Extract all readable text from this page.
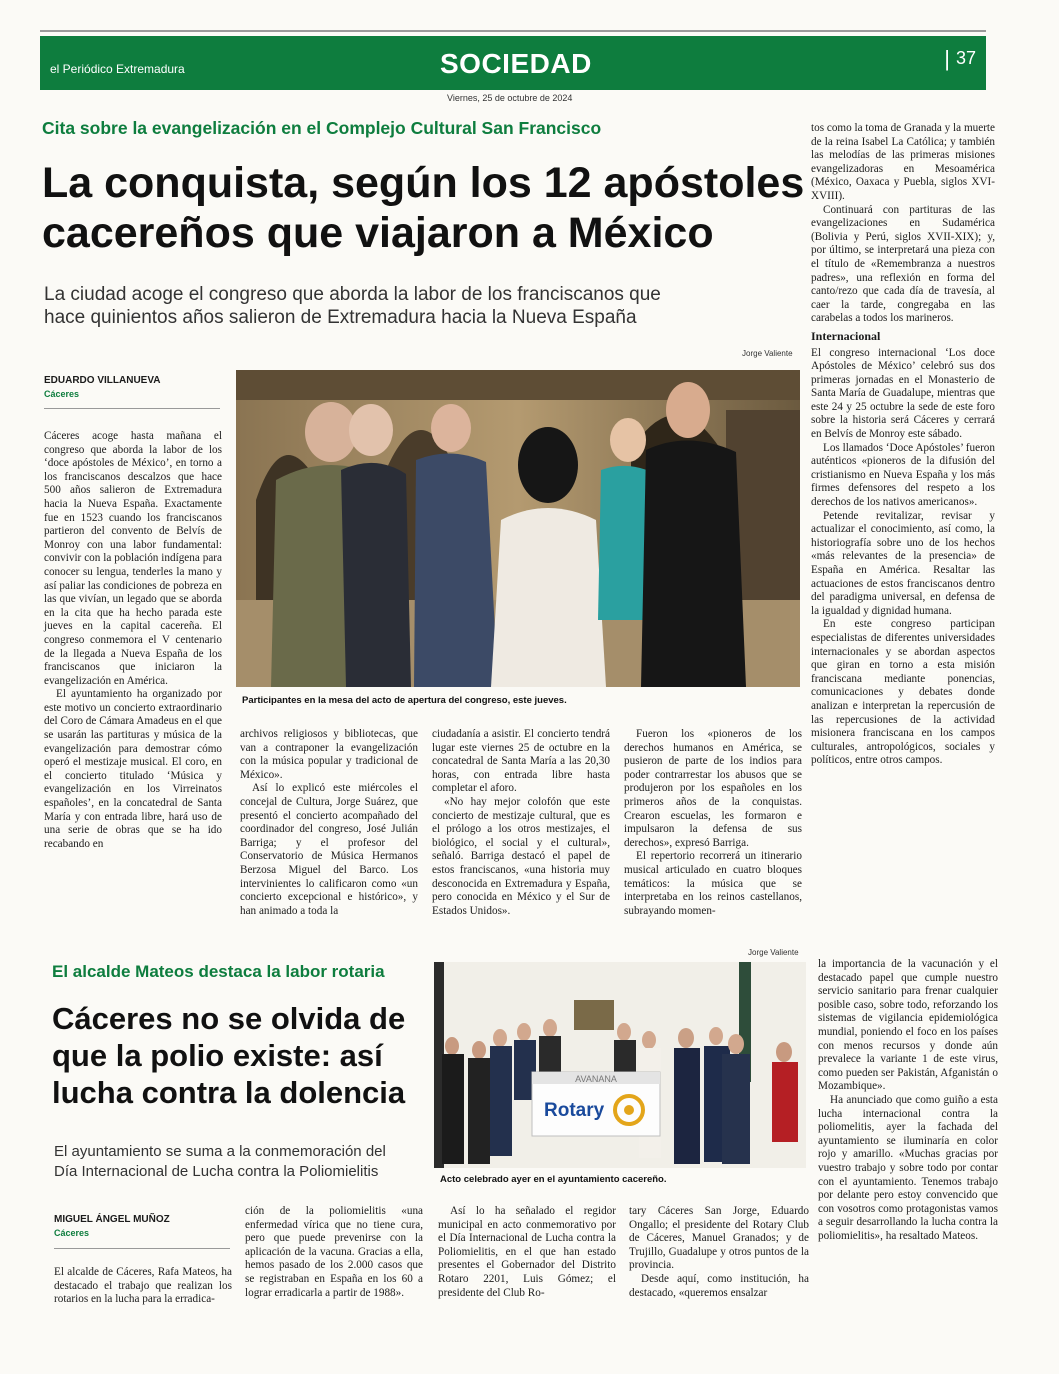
el Periódico Extremadura	SOCIEDAD	| 37
Viernes, 25 de octubre de 2024
Cita sobre la evangelización en el Complejo Cultural San Francisco
La conquista, según los 12 apóstoles
cacereños que viajaron a México
La ciudad acoge el congreso que aborda la labor de los franciscanos que
hace quinientos años salieron de Extremadura hacia la Nueva España
EDUARDO VILLANUEVA
Cáceres
Jorge Valiente
Participantes en la mesa del acto de apertura del congreso, este jueves.

Cáceres acoge hasta mañana el congreso que aborda la labor de los ‘doce apóstoles de México’, en torno a los franciscanos descalzos que hace 500 años salieron de Extremadura hacia la Nueva España. Exactamente fue en 1523 cuando los franciscanos partieron del convento de Belvís de Monroy con una labor fundamental: convivir con la población indígena para conocer su lengua, tenderles la mano y así paliar las condiciones de pobreza en las que vivían, un legado que se aborda en la cita que ha hecho parada este jueves en la capital cacereña. El congreso conmemora el V centenario de la llegada a Nueva España de los franciscanos que iniciaron la evangelización en América.

El ayuntamiento ha organizado por este motivo un concierto extraordinario del Coro de Cámara Amadeus en el que se usarán las partituras y música de la evangelización para demostrar cómo operó el mestizaje musical. El coro, en el concierto titulado ‘Música y evangelización en los Virreinatos españoles’, en la concatedral de Santa María y con entrada libre, hará uso de una serie de obras que se ha ido recabando en

archivos religiosos y bibliotecas, que van a contraponer la evangelización con la música popular y tradicional de México».

Así lo explicó este miércoles el concejal de Cultura, Jorge Suárez, que presentó el concierto acompañado del coordinador del congreso, José Julián Barriga; y el profesor del Conservatorio de Música Hermanos Berzosa Miguel del Barco. Los intervinientes lo calificaron como «un concierto excepcional e histórico», y han animado a toda la

ciudadanía a asistir. El concierto tendrá lugar este viernes 25 de octubre en la concatedral de Santa María a las 20,30 horas, con entrada libre hasta completar el aforo.

«No hay mejor colofón que este concierto de mestizaje cultural, que es el prólogo a los otros mestizajes, el biológico, el social y el cultural», señaló. Barriga destacó el papel de estos franciscanos, «una historia muy desconocida en Extremadura y España, pero conocida en México y el Sur de Estados Unidos».

Fueron los «pioneros de los derechos humanos en América, se pusieron de parte de los indios para poder contrarrestar los abusos que se produjeron por los españoles en los primeros años de la conquistas. Crearon escuelas, les formaron e impulsaron la defensa de sus derechos», expresó Barriga.

El repertorio recorrerá un itinerario musical articulado en cuatro bloques temáticos: la música que se interpretaba en los reinos castellanos, subrayando momen-

tos como la toma de Granada y la muerte de la reina Isabel La Católica; y también las melodías de las primeras misiones evangelizadoras en Mesoamérica (México, Oaxaca y Puebla, siglos XVI-XVIII).

Continuará con partituras de las evangelizaciones en Sudamérica (Bolivia y Perú, siglos XVII-XIX); y, por último, se interpretará una pieza con el título de «Remembranza a nuestros padres», una reflexión en forma del canto/rezo que cada día de travesía, al caer la tarde, congregaba en las carabelas a todos los marineros.

Internacional

El congreso internacional ‘Los doce Apóstoles de México’ celebró sus dos primeras jornadas en el Monasterio de Santa María de Guadalupe, mientras que este 24 y 25 octubre la sede de este foro sobre la historia será Cáceres y cerrará en Belvís de Monroy este sábado.

Los llamados ‘Doce Apóstoles’ fueron auténticos «pioneros de la difusión del cristianismo en Nueva España y los más firmes defensores del respeto a los derechos de los nativos americanos».

Petende revitalizar, revisar y actualizar el conocimiento, así como, la historiografía sobre uno de los hechos «más relevantes de la presencia» de España en América. Resaltar las actuaciones de estos franciscanos dentro del paradigma universal, en defensa de la igualdad y dignidad humana.

En este congreso participan especialistas de diferentes universidades internacionales y se abordan aspectos que giran en torno a esta misión franciscana mediante ponencias, comunicaciones y debates donde analizan e interpretan la repercusión de las repercusiones de la actividad misionera franciscana en los campos culturales, antropológicos, sociales y políticos, entre otros campos.

El alcalde Mateos destaca la labor rotaria
Cáceres no se olvida de
que la polio existe: así
lucha contra la dolencia
El ayuntamiento se suma a la conmemoración del
Día Internacional de Lucha contra la Poliomielitis
MIGUEL ÁNGEL MUÑOZ
Cáceres
Jorge Valiente
AVANANA
Rotary
Acto celebrado ayer en el ayuntamiento cacereño.

El alcalde de Cáceres, Rafa Mateos, ha destacado el trabajo que realizan los rotarios en la lucha para la erradica-

ción de la poliomielitis «una enfermedad vírica que no tiene cura, pero que puede prevenirse con la aplicación de la vacuna. Gracias a ella, hemos pasado de los 2.000 casos que se registraban en España en los 60 a lograr erradicarla a partir de 1988».

Así lo ha señalado el regidor municipal en acto conmemorativo por el Día Internacional de Lucha contra la Poliomielitis, en el que han estado presentes el Gobernador del Distrito Rotaro 2201, Luis Gómez; el presidente del Club Ro-

tary Cáceres San Jorge, Eduardo Ongallo; el presidente del Rotary Club de Cáceres, Manuel Granados; y de Trujillo, Guadalupe y otros puntos de la provincia.

Desde aquí, como institución, ha destacado, «queremos ensalzar

la importancia de la vacunación y el destacado papel que cumple nuestro servicio sanitario para frenar cualquier posible caso, sobre todo, reforzando los sistemas de vigilancia epidemiológica mundial, poniendo el foco en los países con menos recursos y donde aún prevalece la variante 1 de este virus, como pueden ser Pakistán, Afganistán o Mozambique».

Ha anunciado que como guiño a esta lucha internacional contra la poliomelitis, ayer la fachada del ayuntamiento se iluminaría en color rojo y amarillo. «Muchas gracias por vuestro trabajo y sobre todo por contar con el ayuntamiento. Tenemos trabajo por delante pero estoy convencido que con vosotros como protagonistas vamos a seguir desarrollando la lucha contra la poliomielitis», ha resaltado Mateos.
